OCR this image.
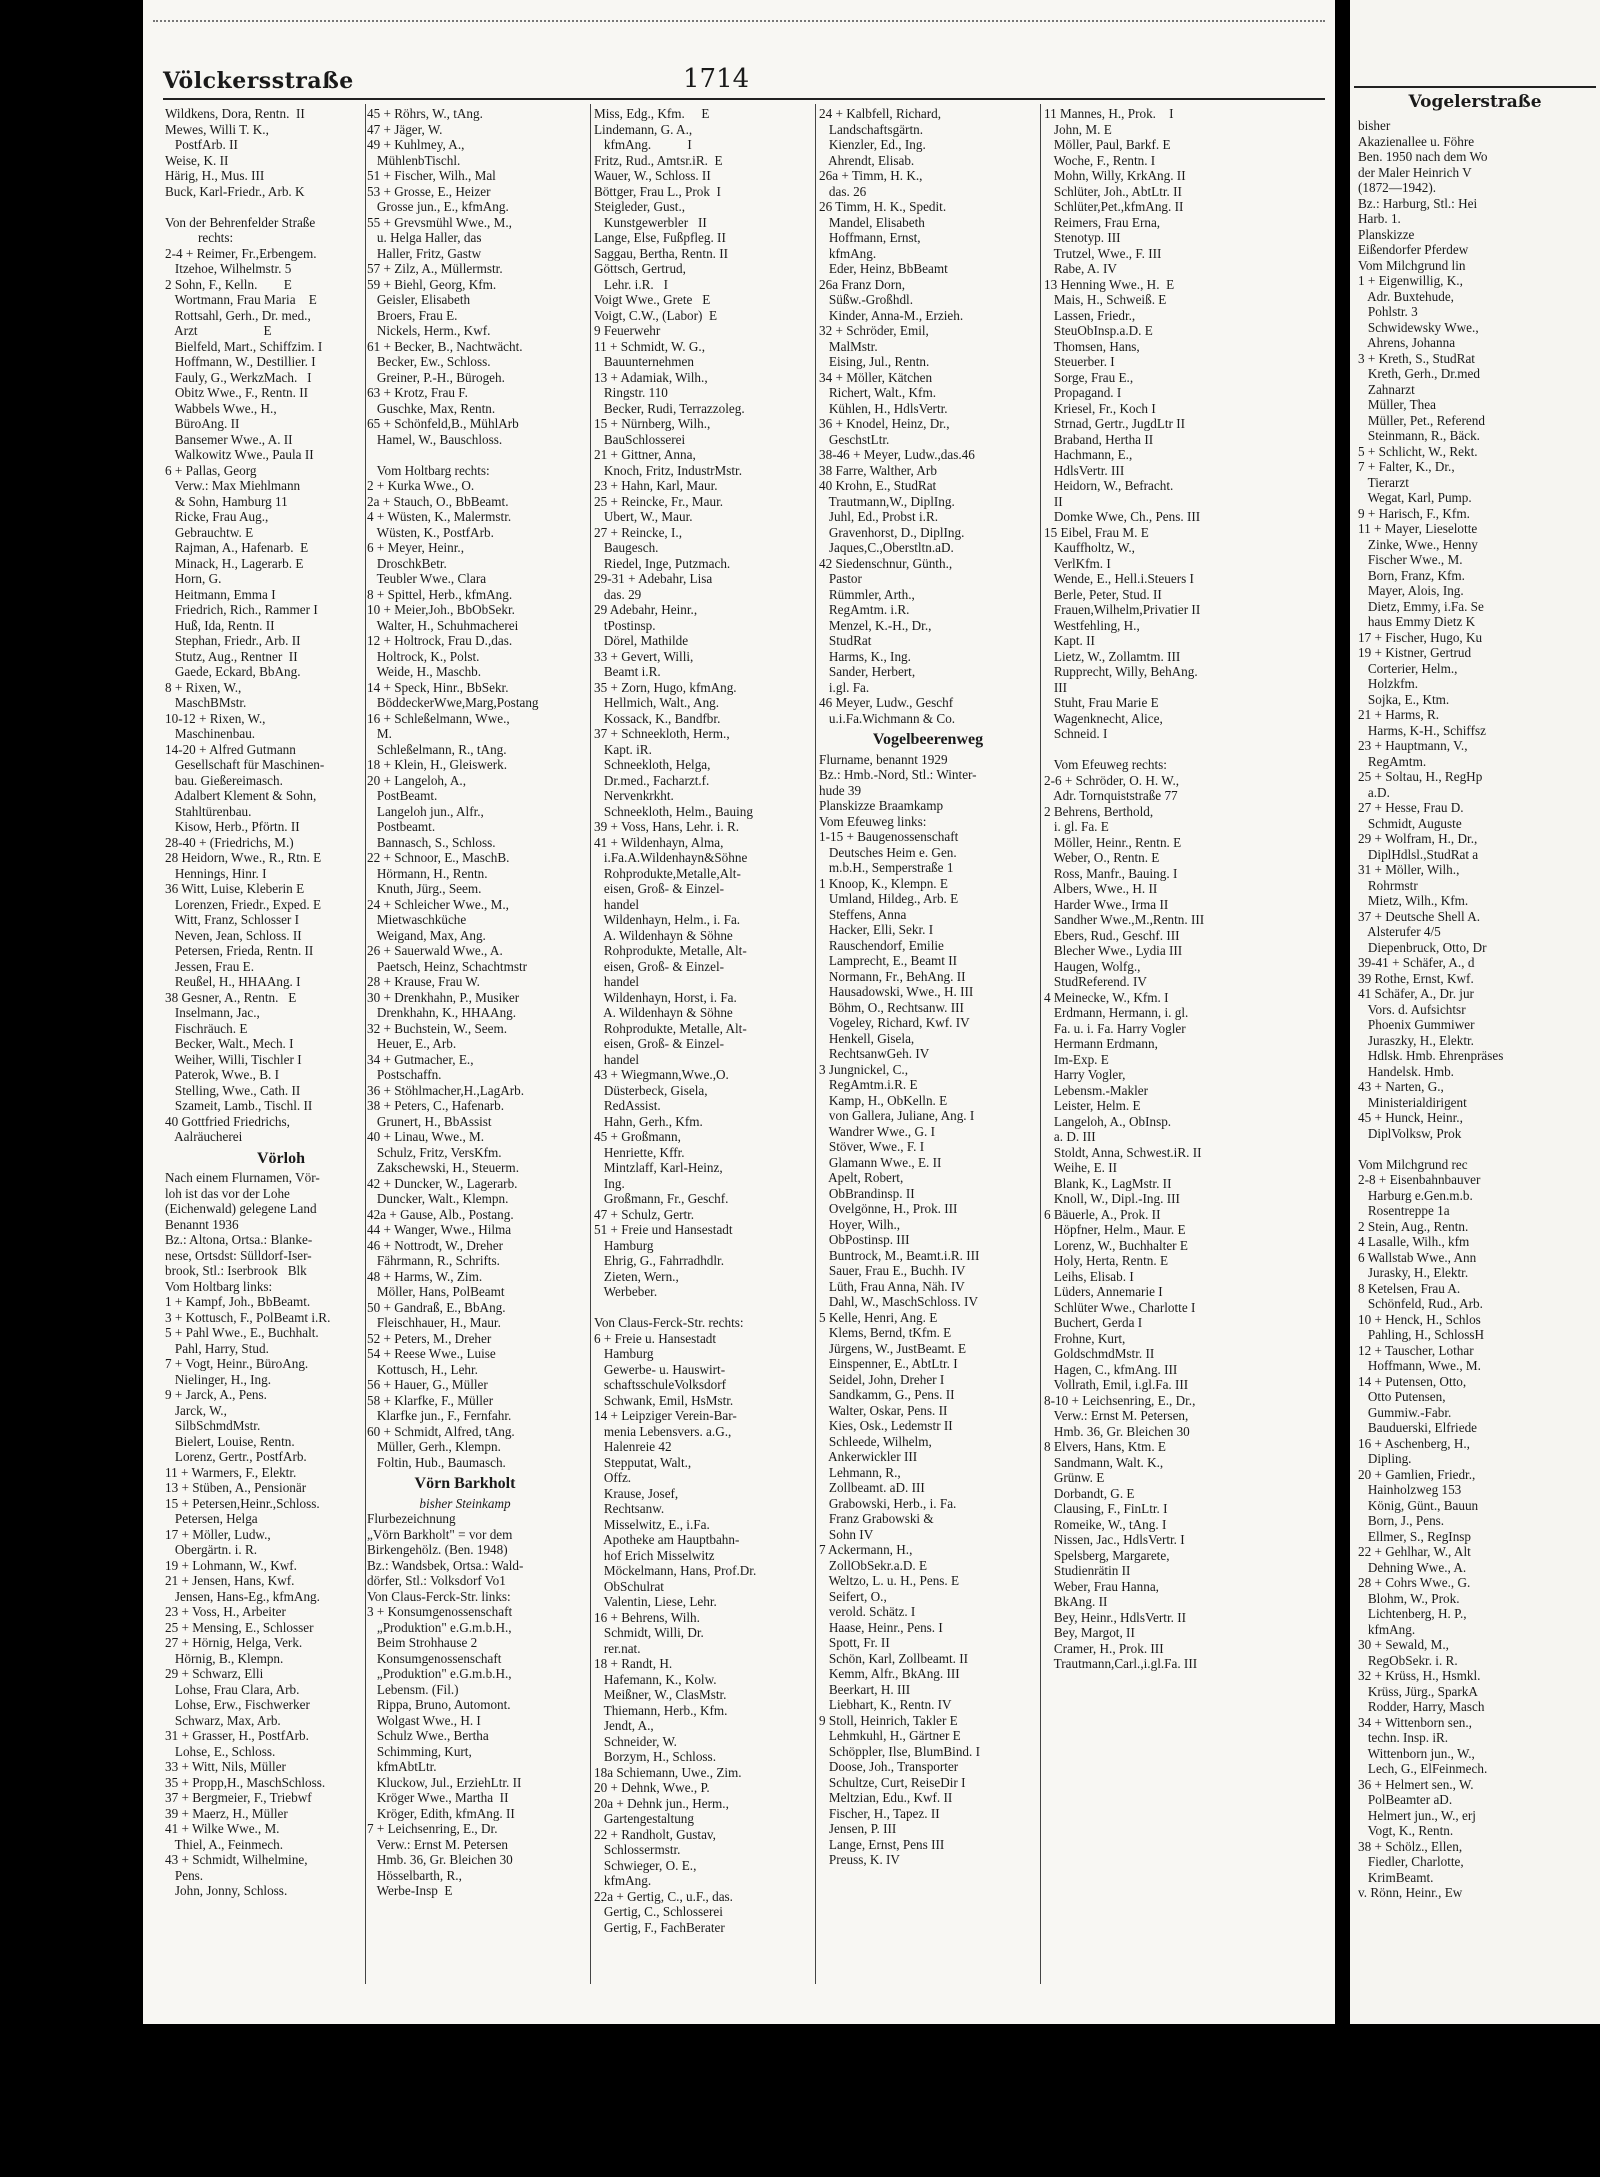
Völckersstraße	1714
Wildkens, Dora, Rentn.  II
Mewes, Willi T. K.,
PostfArb. II
Weise, K. II
Härig, H., Mus. III
Buck, Karl-Friedr., Arb. K

Von der Behrenfelder Straße
rechts:
2-4 + Reimer, Fr.,Erbengem.
Itzehoe, Wilhelmstr. 5
2 Sohn, F., Kelln.        E
Wortmann, Frau Maria    E
Rottsahl, Gerh., Dr. med.,
Arzt                    E
Bielfeld, Mart., Schiffzim. I
Hoffmann, W., Destillier. I
Fauly, G., WerkzMach.   I
Obitz Wwe., F., Rentn. II
Wabbels Wwe., H.,
BüroAng. II
Bansemer Wwe., A. II
Walkowitz Wwe., Paula II
6 + Pallas, Georg
Verw.: Max Miehlmann
& Sohn, Hamburg 11
Ricke, Frau Aug.,
Gebrauchtw. E
Rajman, A., Hafenarb.  E
Minack, H., Lagerarb. E
Horn, G.
Heitmann, Emma I
Friedrich, Rich., Rammer I
Huß, Ida, Rentn. II
Stephan, Friedr., Arb. II
Stutz, Aug., Rentner  II
Gaede, Eckard, BbAng.
8 + Rixen, W.,
MaschBMstr.
10-12 + Rixen, W.,
Maschinenbau.
14-20 + Alfred Gutmann
Gesellschaft für Maschinen-
bau. Gießereimasch.
Adalbert Klement & Sohn,
Stahltürenbau.
Kisow, Herb., Pförtn. II
28-40 + (Friedrichs, M.)
28 Heidorn, Wwe., R., Rtn. E
Hennings, Hinr. I
36 Witt, Luise, Kleberin E
Lorenzen, Friedr., Exped. E
Witt, Franz, Schlosser I
Neven, Jean, Schloss. II
Petersen, Frieda, Rentn. II
Jessen, Frau E.
Reußel, H., HHAAng. I
38 Gesner, A., Rentn.   E
Inselmann, Jac.,
Fischräuch. E
Becker, Walt., Mech. I
Weiher, Willi, Tischler I
Paterok, Wwe., B. I
Stelling, Wwe., Cath. II
Szameit, Lamb., Tischl. II
40 Gottfried Friedrichs,
Aalräucherei
Vörloh
Nach einem Flurnamen, Vör-
loh ist das vor der Lohe
(Eichenwald) gelegene Land
Benannt 1936
Bz.: Altona, Ortsa.: Blanke-
nese, Ortsdst: Sülldorf-Iser-
brook, Stl.: Iserbrook   Blk
Vom Holtbarg links:
1 + Kampf, Joh., BbBeamt.
3 + Kottusch, F., PolBeamt i.R.
5 + Pahl Wwe., E., Buchhalt.
Pahl, Harry, Stud.
7 + Vogt, Heinr., BüroAng.
Nielinger, H., Ing.
9 + Jarck, A., Pens.
Jarck, W.,
SilbSchmdMstr.
Bielert, Louise, Rentn.
Lorenz, Gertr., PostfArb.
11 + Warmers, F., Elektr.
13 + Stüben, A., Pensionär
15 + Petersen,Heinr.,Schloss.
Petersen, Helga
17 + Möller, Ludw.,
Obergärtn. i. R.
19 + Lohmann, W., Kwf.
21 + Jensen, Hans, Kwf.
Jensen, Hans-Eg., kfmAng.
23 + Voss, H., Arbeiter
25 + Mensing, E., Schlosser
27 + Hörnig, Helga, Verk.
Hörnig, B., Klempn.
29 + Schwarz, Elli
Lohse, Frau Clara, Arb.
Lohse, Erw., Fischwerker
Schwarz, Max, Arb.
31 + Grasser, H., PostfArb.
Lohse, E., Schloss.
33 + Witt, Nils, Müller
35 + Propp,H., MaschSchloss.
37 + Bergmeier, F., Triebwf
39 + Maerz, H., Müller
41 + Wilke Wwe., M.
Thiel, A., Feinmech.
43 + Schmidt, Wilhelmine,
Pens.
John, Jonny, Schloss.
45 + Röhrs, W., tAng.
47 + Jäger, W.
49 + Kuhlmey, A.,
MühlenbTischl.
51 + Fischer, Wilh., Mal
53 + Grosse, E., Heizer
Grosse jun., E., kfmAng.
55 + Grevsmühl Wwe., M.,
u. Helga Haller, das
Haller, Fritz, Gastw
57 + Zilz, A., Müllermstr.
59 + Biehl, Georg, Kfm.
Geisler, Elisabeth
Broers, Frau E.
Nickels, Herm., Kwf.
61 + Becker, B., Nachtwächt.
Becker, Ew., Schloss.
Greiner, P.-H., Bürogeh.
63 + Krotz, Frau F.
Guschke, Max, Rentn.
65 + Schönfeld,B., MühlArb
Hamel, W., Bauschloss.

Vom Holtbarg rechts:
2 + Kurka Wwe., O.
2a + Stauch, O., BbBeamt.
4 + Wüsten, K., Malermstr.
Wüsten, K., PostfArb.
6 + Meyer, Heinr.,
DroschkBetr.
Teubler Wwe., Clara
8 + Spittel, Herb., kfmAng.
10 + Meier,Joh., BbObSekr.
Walter, H., Schuhmacherei
12 + Holtrock, Frau D.,das.
Holtrock, K., Polst.
Weide, H., Maschb.
14 + Speck, Hinr., BbSekr.
BöddeckerWwe,Marg,Postang
16 + Schleßelmann, Wwe.,
M.
Schleßelmann, R., tAng.
18 + Klein, H., Gleiswerk.
20 + Langeloh, A.,
PostBeamt.
Langeloh jun., Alfr.,
Postbeamt.
Bannasch, S., Schloss.
22 + Schnoor, E., MaschB.
Hörmann, H., Rentn.
Knuth, Jürg., Seem.
24 + Schleicher Wwe., M.,
Mietwaschküche
Weigand, Max, Ang.
26 + Sauerwald Wwe., A.
Paetsch, Heinz, Schachtmstr
28 + Krause, Frau W.
30 + Drenkhahn, P., Musiker
Drenkhahn, K., HHAAng.
32 + Buchstein, W., Seem.
Heuer, E., Arb.
34 + Gutmacher, E.,
Postschaffn.
36 + Stöhlmacher,H.,LagArb.
38 + Peters, C., Hafenarb.
Grunert, H., BbAssist
40 + Linau, Wwe., M.
Schulz, Fritz, VersKfm.
Zakschewski, H., Steuerm.
42 + Duncker, W., Lagerarb.
Duncker, Walt., Klempn.
42a + Gause, Alb., Postang.
44 + Wanger, Wwe., Hilma
46 + Nottrodt, W., Dreher
Fährmann, R., Schrifts.
48 + Harms, W., Zim.
Möller, Hans, PolBeamt
50 + Gandraß, E., BbAng.
Fleischhauer, H., Maur.
52 + Peters, M., Dreher
54 + Reese Wwe., Luise
Kottusch, H., Lehr.
56 + Hauer, G., Müller
58 + Klarfke, F., Müller
Klarfke jun., F., Fernfahr.
60 + Schmidt, Alfred, tAng.
Müller, Gerh., Klempn.
Foltin, Hub., Baumasch.
Vörn Barkholt
bisher Steinkamp
Flurbezeichnung
„Vörn Barkholt" = vor dem
Birkengehölz. (Ben. 1948)
Bz.: Wandsbek, Ortsa.: Wald-
dörfer, Stl.: Volksdorf Vo1
Von Claus-Ferck-Str. links:
3 + Konsumgenossenschaft
„Produktion" e.G.m.b.H.,
Beim Strohhause 2
Konsumgenossenschaft
„Produktion" e.G.m.b.H.,
Lebensm. (Fil.)
Rippa, Bruno, Automont.
Wolgast Wwe., H. I
Schulz Wwe., Bertha
Schimming, Kurt,
kfmAbtLtr.
Kluckow, Jul., ErziehLtr. II
Kröger Wwe., Martha  II
Kröger, Edith, kfmAng. II
7 + Leichsenring, E., Dr.
Verw.: Ernst M. Petersen
Hmb. 36, Gr. Bleichen 30
Hösselbarth, R.,
Werbe-Insp  E
Miss, Edg., Kfm.     E
Lindemann, G. A.,
kfmAng.           I
Fritz, Rud., Amtsr.iR.  E
Wauer, W., Schloss. II
Böttger, Frau L., Prok  I
Steigleder, Gust.,
Kunstgewerbler   II
Lange, Else, Fußpfleg. II
Saggau, Bertha, Rentn. II
Göttsch, Gertrud,
Lehr. i.R.   I
Voigt Wwe., Grete   E
Voigt, C.W., (Labor)  E
9 Feuerwehr
11 + Schmidt, W. G.,
Bauunternehmen
13 + Adamiak, Wilh.,
Ringstr. 110
Becker, Rudi, Terrazzoleg.
15 + Nürnberg, Wilh.,
BauSchlosserei
21 + Gittner, Anna,
Knoch, Fritz, IndustrMstr.
23 + Hahn, Karl, Maur.
25 + Reincke, Fr., Maur.
Ubert, W., Maur.
27 + Reincke, I.,
Baugesch.
Riedel, Inge, Putzmach.
29-31 + Adebahr, Lisa
das. 29
29 Adebahr, Heinr.,
tPostinsp.
Dörel, Mathilde
33 + Gevert, Willi,
Beamt i.R.
35 + Zorn, Hugo, kfmAng.
Hellmich, Walt., Ang.
Kossack, K., Bandfbr.
37 + Schneekloth, Herm.,
Kapt. iR.
Schneekloth, Helga,
Dr.med., Facharzt.f.
Nervenkrkht.
Schneekloth, Helm., Bauing
39 + Voss, Hans, Lehr. i. R.
41 + Wildenhayn, Alma,
i.Fa.A.Wildenhayn&Söhne
Rohprodukte,Metalle,Alt-
eisen, Groß- & Einzel-
handel
Wildenhayn, Helm., i. Fa.
A. Wildenhayn & Söhne
Rohprodukte, Metalle, Alt-
eisen, Groß- & Einzel-
handel
Wildenhayn, Horst, i. Fa.
A. Wildenhayn & Söhne
Rohprodukte, Metalle, Alt-
eisen, Groß- & Einzel-
handel
43 + Wiegmann,Wwe.,O.
Düsterbeck, Gisela,
RedAssist.
Hahn, Gerh., Kfm.
45 + Großmann,
Henriette, Kffr.
Mintzlaff, Karl-Heinz,
Ing.
Großmann, Fr., Geschf.
47 + Schulz, Gertr.
51 + Freie und Hansestadt
Hamburg
Ehrig, G., Fahrradhdlr.
Zieten, Wern.,
Werbeber.

Von Claus-Ferck-Str. rechts:
6 + Freie u. Hansestadt
Hamburg
Gewerbe- u. Hauswirt-
schaftsschuleVolksdorf
Schwank, Emil, HsMstr.
14 + Leipziger Verein-Bar-
menia Lebensvers. a.G.,
Halenreie 42
Stepputat, Walt.,
Offz.
Krause, Josef,
Rechtsanw.
Misselwitz, E., i.Fa.
Apotheke am Hauptbahn-
hof Erich Misselwitz
Möckelmann, Hans, Prof.Dr.
ObSchulrat
Valentin, Liese, Lehr.
16 + Behrens, Wilh.
Schmidt, Willi, Dr.
rer.nat.
18 + Randt, H.
Hafemann, K., Kolw.
Meißner, W., ClasMstr.
Thiemann, Herb., Kfm.
Jendt, A.,
Schneider, W.
Borzym, H., Schloss.
18a Schiemann, Uwe., Zim.
20 + Dehnk, Wwe., P.
20a + Dehnk jun., Herm.,
Gartengestaltung
22 + Randholt, Gustav,
Schlossermstr.
Schwieger, O. E.,
kfmAng.
22a + Gertig, C., u.F., das.
Gertig, C., Schlosserei
Gertig, F., FachBerater
24 + Kalbfell, Richard,
Landschaftsgärtn.
Kienzler, Ed., Ing.
Ahrendt, Elisab.
26a + Timm, H. K.,
das. 26
26 Timm, H. K., Spedit.
Mandel, Elisabeth
Hoffmann, Ernst,
kfmAng.
Eder, Heinz, BbBeamt
26a Franz Dorn,
Süßw.-Großhdl.
Kinder, Anna-M., Erzieh.
32 + Schröder, Emil,
MalMstr.
Eising, Jul., Rentn.
34 + Möller, Kätchen
Richert, Walt., Kfm.
Kühlen, H., HdlsVertr.
36 + Knodel, Heinz, Dr.,
GeschstLtr.
38-46 + Meyer, Ludw.,das.46
38 Farre, Walther, Arb
40 Krohn, E., StudRat
Trautmann,W., DiplIng.
Juhl, Ed., Probst i.R.
Gravenhorst, D., DiplIng.
Jaques,C.,Oberstltn.aD.
42 Siedenschnur, Günth.,
Pastor
Rümmler, Arth.,
RegAmtm. i.R.
Menzel, K.-H., Dr.,
StudRat
Harms, K., Ing.
Sander, Herbert,
i.gl. Fa.
46 Meyer, Ludw., Geschf
u.i.Fa.Wichmann & Co.
Vogelbeerenweg
Flurname, benannt 1929
Bz.: Hmb.-Nord, Stl.: Winter-
hude 39
Planskizze Braamkamp
Vom Efeuweg links:
1-15 + Baugenossenschaft
Deutsches Heim e. Gen.
m.b.H., Semperstraße 1
1 Knoop, K., Klempn. E
Umland, Hildeg., Arb. E
Steffens, Anna
Hacker, Elli, Sekr. I
Rauschendorf, Emilie
Lamprecht, E., Beamt II
Normann, Fr., BehAng. II
Hausadowski, Wwe., H. III
Böhm, O., Rechtsanw. III
Vogeley, Richard, Kwf. IV
Henkell, Gisela,
RechtsanwGeh. IV
3 Jungnickel, C.,
RegAmtm.i.R. E
Kamp, H., ObKelln. E
von Gallera, Juliane, Ang. I
Wandrer Wwe., G. I
Stöver, Wwe., F. I
Glamann Wwe., E. II
Apelt, Robert,
ObBrandinsp. II
Ovelgönne, H., Prok. III
Hoyer, Wilh.,
ObPostinsp. III
Buntrock, M., Beamt.i.R. III
Sauer, Frau E., Buchh. IV
Lüth, Frau Anna, Näh. IV
Dahl, W., MaschSchloss. IV
5 Kelle, Henri, Ang. E
Klems, Bernd, tKfm. E
Jürgens, W., JustBeamt. E
Einspenner, E., AbtLtr. I
Seidel, John, Dreher I
Sandkamm, G., Pens. II
Walter, Oskar, Pens. II
Kies, Osk., Ledemstr II
Schleede, Wilhelm,
Ankerwickler III
Lehmann, R.,
Zollbeamt. aD. III
Grabowski, Herb., i. Fa.
Franz Grabowski &
Sohn IV
7 Ackermann, H.,
ZollObSekr.a.D. E
Weltzo, L. u. H., Pens. E
Seifert, O.,
verold. Schätz. I
Haase, Heinr., Pens. I
Spott, Fr. II
Schön, Karl, Zollbeamt. II
Kemm, Alfr., BkAng. III
Beerkart, H. III
Liebhart, K., Rentn. IV
9 Stoll, Heinrich, Takler E
Lehmkuhl, H., Gärtner E
Schöppler, Ilse, BlumBind. I
Doose, Joh., Transporter
Schultze, Curt, ReiseDir I
Meltzian, Edu., Kwf. II
Fischer, H., Tapez. II
Jensen, P. III
Lange, Ernst, Pens III
Preuss, K. IV
11 Mannes, H., Prok.    I
John, M. E
Möller, Paul, Barkf. E
Woche, F., Rentn. I
Mohn, Willy, KrkAng. II
Schlüter, Joh., AbtLtr. II
Schlüter,Pet.,kfmAng. II
Reimers, Frau Erna,
Stenotyp. III
Trutzel, Wwe., F. III
Rabe, A. IV
13 Henning Wwe., H.  E
Mais, H., Schweiß. E
Lassen, Friedr.,
SteuObInsp.a.D. E
Thomsen, Hans,
Steuerber. I
Sorge, Frau E.,
Propagand. I
Kriesel, Fr., Koch I
Strnad, Gertr., JugdLtr II
Braband, Hertha II
Hachmann, E.,
HdlsVertr. III
Heidorn, W., Befracht.
II
Domke Wwe, Ch., Pens. III
15 Eibel, Frau M. E
Kauffholtz, W.,
VerlKfm. I
Wende, E., Hell.i.Steuers I
Berle, Peter, Stud. II
Frauen,Wilhelm,Privatier II
Westfehling, H.,
Kapt. II
Lietz, W., Zollamtm. III
Rupprecht, Willy, BehAng.
III
Stuht, Frau Marie E
Wagenknecht, Alice,
Schneid. I

Vom Efeuweg rechts:
2-6 + Schröder, O. H. W.,
Adr. Tornquiststraße 77
2 Behrens, Berthold,
i. gl. Fa. E
Möller, Heinr., Rentn. E
Weber, O., Rentn. E
Ross, Manfr., Bauing. I
Albers, Wwe., H. II
Harder Wwe., Irma II
Sandher Wwe.,M.,Rentn. III
Ebers, Rud., Geschf. III
Blecher Wwe., Lydia III
Haugen, Wolfg.,
StudReferend. IV
4 Meinecke, W., Kfm. I
Erdmann, Hermann, i. gl.
Fa. u. i. Fa. Harry Vogler
Hermann Erdmann,
Im-Exp. E
Harry Vogler,
Lebensm.-Makler
Leister, Helm. E
Langeloh, A., ObInsp.
a. D. III
Stoldt, Anna, Schwest.iR. II
Weihe, E. II
Blank, K., LagMstr. II
Knoll, W., Dipl.-Ing. III
6 Bäuerle, A., Prok. II
Höpfner, Helm., Maur. E
Lorenz, W., Buchhalter E
Holy, Herta, Rentn. E
Leihs, Elisab. I
Lüders, Annemarie I
Schlüter Wwe., Charlotte I
Buchert, Gerda I
Frohne, Kurt,
GoldschmdMstr. II
Hagen, C., kfmAng. III
Vollrath, Emil, i.gl.Fa. III
8-10 + Leichsenring, E., Dr.,
Verw.: Ernst M. Petersen,
Hmb. 36, Gr. Bleichen 30
8 Elvers, Hans, Ktm. E
Sandmann, Walt. K.,
Grünw. E
Dorbandt, G. E
Clausing, F., FinLtr. I
Romeike, W., tAng. I
Nissen, Jac., HdlsVertr. I
Spelsberg, Margarete,
Studienrätin II
Weber, Frau Hanna,
BkAng. II
Bey, Heinr., HdlsVertr. II
Bey, Margot, II
Cramer, H., Prok. III
Trautmann,Carl.,i.gl.Fa. III
Vogelerstraße
bisher
Akazienallee u. Föhre
Ben. 1950 nach dem Wo
der Maler Heinrich V
(1872—1942).
Bz.: Harburg, Stl.: Hei
Harb. 1.
Planskizze
Eißendorfer Pferdew
Vom Milchgrund lin
1 + Eigenwillig, K.,
Adr. Buxtehude,
Pohlstr. 3
Schwidewsky Wwe.,
Ahrens, Johanna
3 + Kreth, S., StudRat
Kreth, Gerh., Dr.med
Zahnarzt
Müller, Thea
Müller, Pet., Referend
Steinmann, R., Bäck.
5 + Schlicht, W., Rekt.
7 + Falter, K., Dr.,
Tierarzt
Wegat, Karl, Pump.
9 + Harisch, F., Kfm.
11 + Mayer, Lieselotte
Zinke, Wwe., Henny
Fischer Wwe., M.
Born, Franz, Kfm.
Mayer, Alois, Ing.
Dietz, Emmy, i.Fa. Se
haus Emmy Dietz K
17 + Fischer, Hugo, Ku
19 + Kistner, Gertrud
Corterier, Helm.,
Holzkfm.
Sojka, E., Ktm.
21 + Harms, R.
Harms, K-H., Schiffsz
23 + Hauptmann, V.,
RegAmtm.
25 + Soltau, H., RegHp
a.D.
27 + Hesse, Frau D.
Schmidt, Auguste
29 + Wolfram, H., Dr.,
DiplHdlsl.,StudRat a
31 + Möller, Wilh.,
Rohrmstr
Mietz, Wilh., Kfm.
37 + Deutsche Shell A.
Alsterufer 4/5
Diepenbruck, Otto, Dr
39-41 + Schäfer, A., d
39 Rothe, Ernst, Kwf.
41 Schäfer, A., Dr. jur
Vors. d. Aufsichtsr
Phoenix Gummiwer
Juraszky, H., Elektr.
Hdlsk. Hmb. Ehrenpräses
Handelsk. Hmb.
43 + Narten, G.,
Ministerialdirigent
45 + Hunck, Heinr.,
DiplVolksw, Prok

Vom Milchgrund rec
2-8 + Eisenbahnbauver
Harburg e.Gen.m.b.
Rosentreppe 1a
2 Stein, Aug., Rentn.
4 Lasalle, Wilh., kfm
6 Wallstab Wwe., Ann
Jurasky, H., Elektr.
8 Ketelsen, Frau A.
Schönfeld, Rud., Arb.
10 + Henck, H., Schlos
Pahling, H., SchlossH
12 + Tauscher, Lothar
Hoffmann, Wwe., M.
14 + Putensen, Otto,
Otto Putensen,
Gummiw.-Fabr.
Bauduerski, Elfriede
16 + Aschenberg, H.,
Dipling.
20 + Gamlien, Friedr.,
Hainholzweg 153
König, Günt., Bauun
Born, J., Pens.
Ellmer, S., RegInsp
22 + Gehlhar, W., Alt
Dehning Wwe., A.
28 + Cohrs Wwe., G.
Blohm, W., Prok.
Lichtenberg, H. P.,
kfmAng.
30 + Sewald, M.,
RegObSekr. i. R.
32 + Krüss, H., Hsmkl.
Krüss, Jürg., SparkA
Rodder, Harry, Masch
34 + Wittenborn sen.,
techn. Insp. iR.
Wittenborn jun., W.,
Lech, G., ElFeinmech.
36 + Helmert sen., W.
PolBeamter aD.
Helmert jun., W., erj
Vogt, K., Rentn.
38 + Schölz., Ellen,
Fiedler, Charlotte,
KrimBeamt.
v. Rönn, Heinr., Ew
